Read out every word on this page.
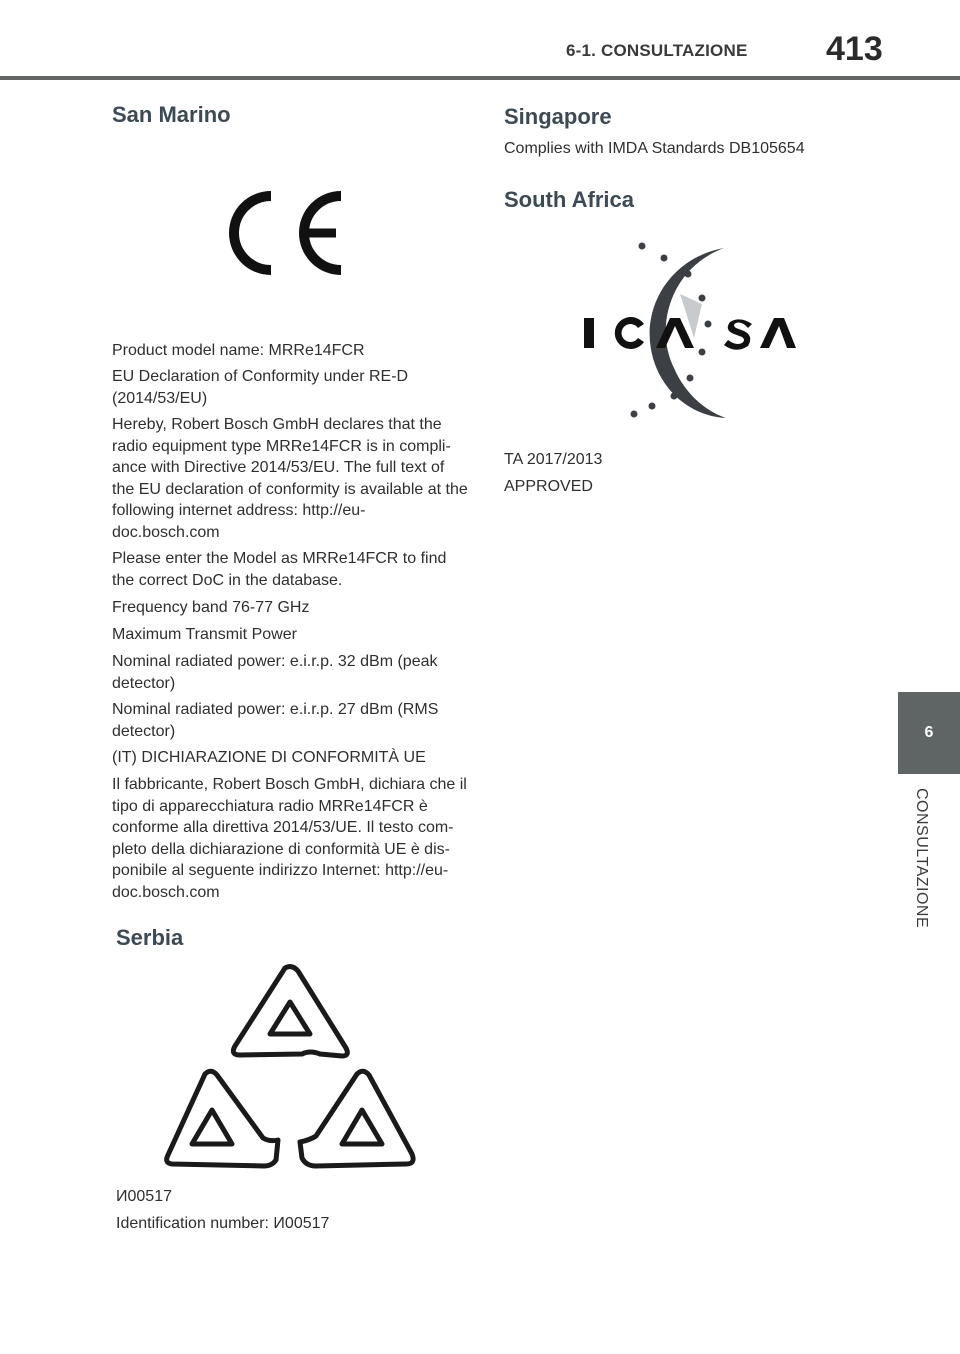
6-1. CONSULTAZIONE	413
San Marino

Product model name: MRRe14FCR

EU Declaration of Conformity under RE-D (2014/53/EU)

Hereby, Robert Bosch GmbH declares that the radio equipment type MRRe14FCR is in compli-ance with Directive 2014/53/EU. The full text of the EU declaration of conformity is available at the following internet address: http://eu-doc.bosch.com

Please enter the Model as MRRe14FCR to find the correct DoC in the database.

Frequency band 76-77 GHz

Maximum Transmit Power

Nominal radiated power: e.i.r.p. 32 dBm (peak detector)

Nominal radiated power: e.i.r.p. 27 dBm (RMS detector)

(IT) DICHIARAZIONE DI CONFORMITÀ UE

Il fabbricante, Robert Bosch GmbH, dichiara che il tipo di apparecchiatura radio MRRe14FCR è conforme alla direttiva 2014/53/UE. Il testo com-pleto della dichiarazione di conformità UE è dis-ponibile al seguente indirizzo Internet: http://eu-doc.bosch.com

Serbia

И00517

Identification number: И00517

Singapore

Complies with IMDA Standards DB105654

South Africa

TA 2017/2013

APPROVED

6
CONSULTAZIONE
